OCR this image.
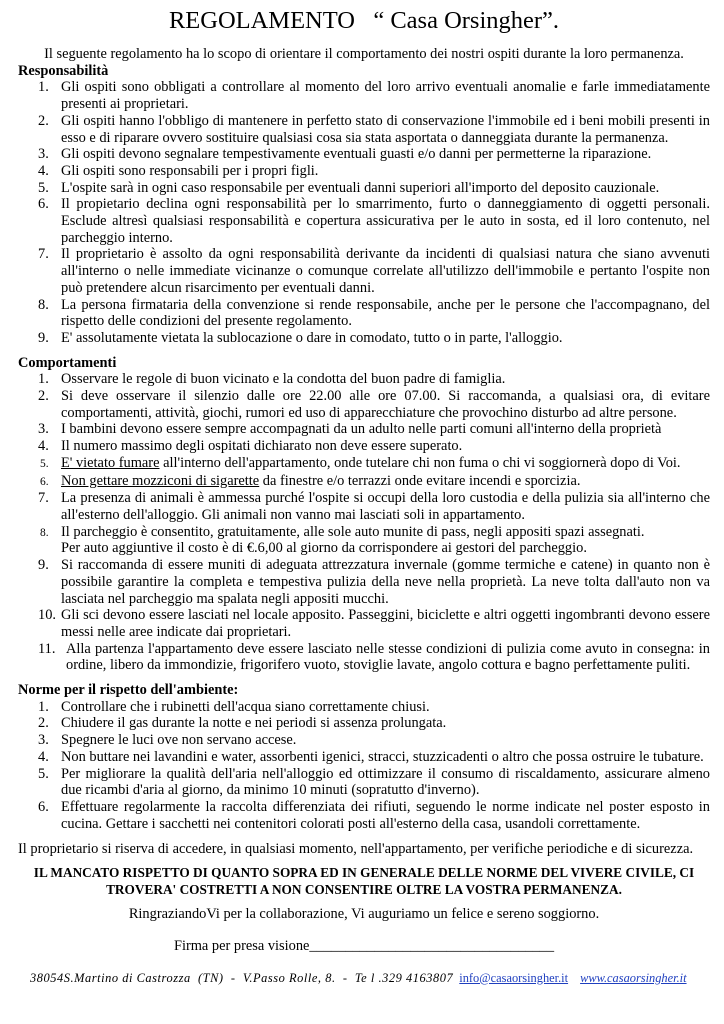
REGOLAMENTO   “ Casa Orsingher”.

Il seguente regolamento ha lo scopo di orientare il comportamento dei nostri ospiti durante la loro permanenza.

Responsabilità
1. Gli ospiti sono obbligati a controllare al momento del loro arrivo eventuali anomalie e farle immediatamente presenti ai proprietari.
2. Gli ospiti hanno l'obbligo di mantenere in perfetto stato di conservazione l'immobile ed i beni mobili presenti in esso e di riparare ovvero sostituire qualsiasi cosa sia stata asportata o danneggiata durante la permanenza.
3. Gli ospiti devono segnalare tempestivamente eventuali guasti e/o danni per permetterne la riparazione.
4. Gli ospiti sono responsabili per i propri figli.
5. L'ospite sarà in ogni caso responsabile per eventuali danni superiori all'importo del deposito cauzionale.
6. Il propietario declina ogni responsabilità per lo smarrimento, furto o danneggiamento di oggetti personali. Esclude altresì qualsiasi responsabilità e copertura assicurativa per le auto in sosta, ed il loro contenuto, nel parcheggio interno.
7. Il proprietario è assolto da ogni responsabilità derivante da incidenti di qualsiasi natura che siano avvenuti all'interno o nelle immediate vicinanze o comunque correlate all'utilizzo dell'immobile e pertanto l'ospite non può pretendere alcun risarcimento per eventuali danni.
8. La persona firmataria della convenzione si rende responsabile, anche per le persone che l'accompagnano, del rispetto delle condizioni del presente regolamento.
9. E' assolutamente vietata la sublocazione o dare in comodato, tutto o in parte, l'alloggio.
Comportamenti
1. Osservare le regole di buon vicinato e la condotta del buon padre di famiglia.
2. Si deve osservare il silenzio dalle ore 22.00 alle ore 07.00. Si raccomanda, a qualsiasi ora, di evitare comportamenti, attività, giochi, rumori ed uso di apparecchiature che provochino disturbo ad altre persone.
3. I bambini devono essere sempre accompagnati da un adulto nelle parti comuni all'interno della proprietà
4. Il numero massimo degli ospitati dichiarato non deve essere superato.
5. E' vietato fumare all'interno dell'appartamento, onde tutelare chi non fuma o chi vi soggiornerà dopo di Voi.
6. Non gettare mozziconi di sigarette da finestre e/o terrazzi onde evitare incendi e sporcizia.
7. La presenza di animali è ammessa purché l'ospite si occupi della loro custodia e della pulizia sia all'interno che all'esterno dell'alloggio. Gli animali non vanno mai lasciati soli in appartamento.
8. Il parcheggio è consentito, gratuitamente, alle sole auto munite di pass, negli appositi spazi assegnati.
Per auto aggiuntive il costo è di €.6,00 al giorno da corrispondere ai gestori del parcheggio.
9. Si raccomanda di essere muniti di adeguata attrezzatura invernale (gomme termiche e catene) in quanto non è possibile garantire la completa e tempestiva pulizia della neve nella proprietà. La neve tolta dall'auto non va lasciata nel parcheggio ma spalata negli appositi mucchi.
10. Gli sci devono essere lasciati nel locale apposito. Passeggini, biciclette e altri oggetti ingombranti devono essere messi nelle aree indicate dai proprietari.
11. Alla partenza l'appartamento deve essere lasciato nelle stesse condizioni di pulizia come avuto in consegna: in ordine, libero da immondizie, frigorifero vuoto, stoviglie lavate, angolo cottura e bagno perfettamente puliti.
Norme per il rispetto dell'ambiente:
1. Controllare che i rubinetti dell'acqua siano correttamente chiusi.
2. Chiudere il gas durante la notte e nei periodi si assenza prolungata.
3. Spegnere le luci ove non servano accese.
4. Non buttare nei lavandini e water, assorbenti igenici, stracci, stuzzicadenti o altro che possa ostruire le tubature.
5. Per migliorare la qualità dell'aria nell'alloggio ed ottimizzare il consumo di riscaldamento, assicurare almeno due ricambi d'aria al giorno, da minimo 10 minuti (sopratutto d'inverno).
6. Effettuare regolarmente la raccolta differenziata dei rifiuti, seguendo le norme indicate nel poster esposto in cucina. Gettare i sacchetti nei contenitori colorati posti all'esterno della casa, usandoli correttamente.

Il proprietario si riserva di accedere, in qualsiasi momento, nell'appartamento, per verifiche periodiche e di sicurezza.

IL MANCATO RISPETTO DI QUANTO SOPRA ED IN GENERALE DELLE NORME DEL VIVERE CIVILE, CI TROVERA' COSTRETTI A NON CONSENTIRE OLTRE LA VOSTRA PERMANENZA.

RingraziandoVi per la collaborazione, Vi auguriamo un felice e sereno soggiorno.

Firma per presa visione__________________________________
38054S.Martino di Castrozza  (TN)  -  V.Passo Rolle, 8.  -  Te l .329 4163807 info@casaorsingher.it www.casaorsingher.it
